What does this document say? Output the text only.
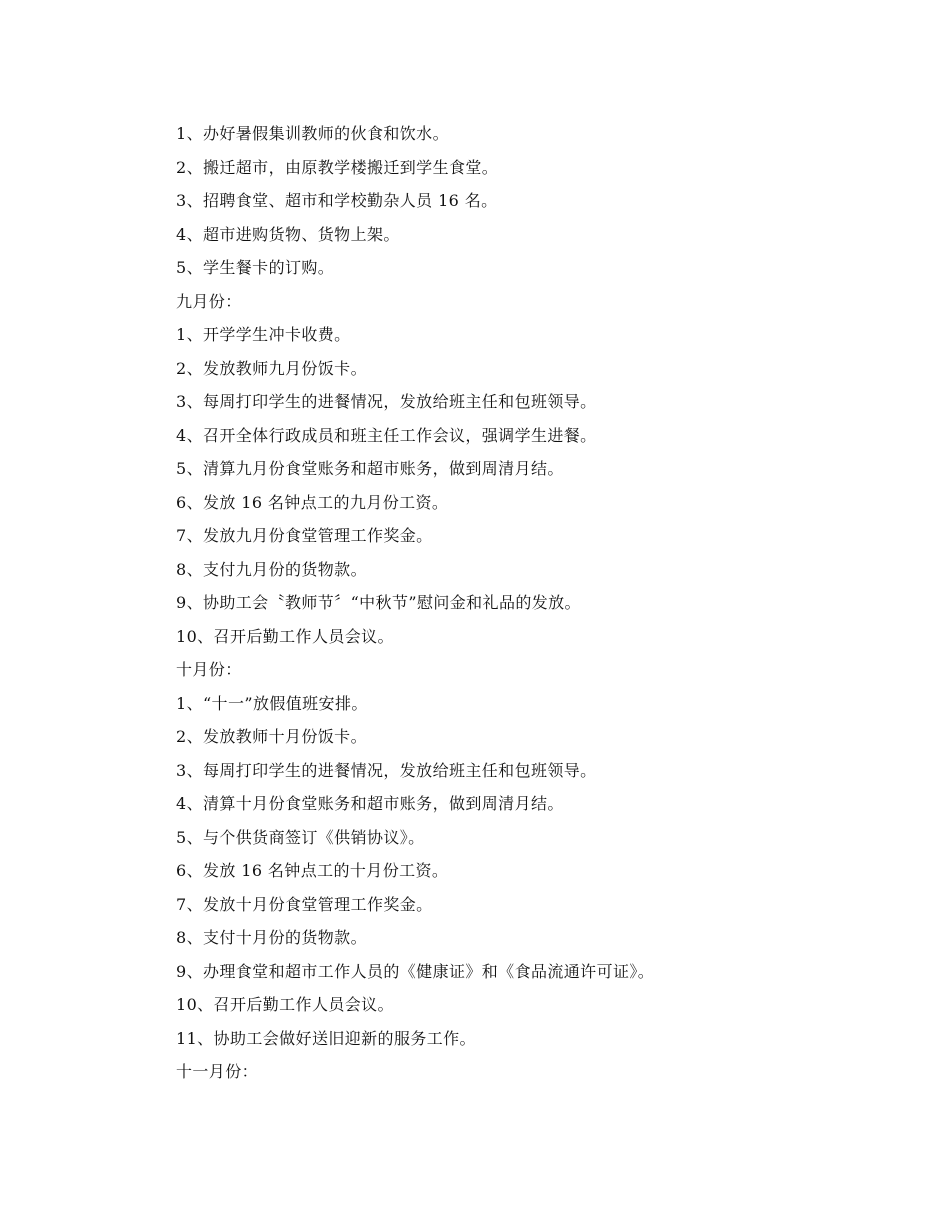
1、办好暑假集训教师的伙食和饮水。
2、搬迁超市，由原教学楼搬迁到学生食堂。
3、招聘食堂、超市和学校勤杂人员 16 名。
4、超市进购货物、货物上架。
5、学生餐卡的订购。
九月份：
1、开学学生冲卡收费。
2、发放教师九月份饭卡。
3、每周打印学生的进餐情况，发放给班主任和包班领导。
4、召开全体行政成员和班主任工作会议，强调学生进餐。
5、清算九月份食堂账务和超市账务，做到周清月结。
6、发放 16 名钟点工的九月份工资。
7、发放九月份食堂管理工作奖金。
8、支付九月份的货物款。
9、协助工会〝教师节〞“中秋节”慰问金和礼品的发放。
10、召开后勤工作人员会议。
十月份：
1、“十一”放假值班安排。
2、发放教师十月份饭卡。
3、每周打印学生的进餐情况，发放给班主任和包班领导。
4、清算十月份食堂账务和超市账务，做到周清月结。
5、与个供货商签订《供销协议》。
6、发放 16 名钟点工的十月份工资。
7、发放十月份食堂管理工作奖金。
8、支付十月份的货物款。
9、办理食堂和超市工作人员的《健康证》和《食品流通许可证》。
10、召开后勤工作人员会议。
11、协助工会做好送旧迎新的服务工作。
十一月份：
